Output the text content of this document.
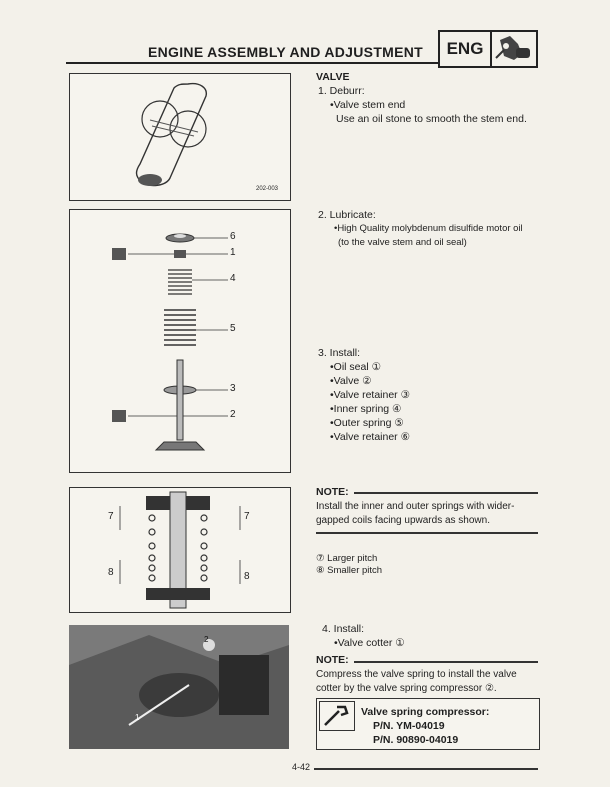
ENGINE ASSEMBLY AND ADJUSTMENT	ENG
202-003
6
1
4
5
3
2
7	7
8	8
2
1
VALVE
1. Deburr:
•Valve stem end
Use an oil stone to smooth the stem end.
2. Lubricate:
•High Quality molybdenum disulfide motor oil
(to the valve stem and oil seal)
3. Install:
•Oil seal ①
•Valve ②
•Valve retainer ③
•Inner spring ④
•Outer spring ⑤
•Valve retainer ⑥
NOTE:
Install the inner and outer springs with wider-
gapped coils facing upwards as shown.
⑦ Larger pitch
⑧ Smaller pitch
4. Install:
•Valve cotter ①
NOTE:
Compress the valve spring to install the valve
cotter by the valve spring compressor ②.
Valve spring compressor:
P/N. YM-04019
P/N. 90890-04019
4-42
